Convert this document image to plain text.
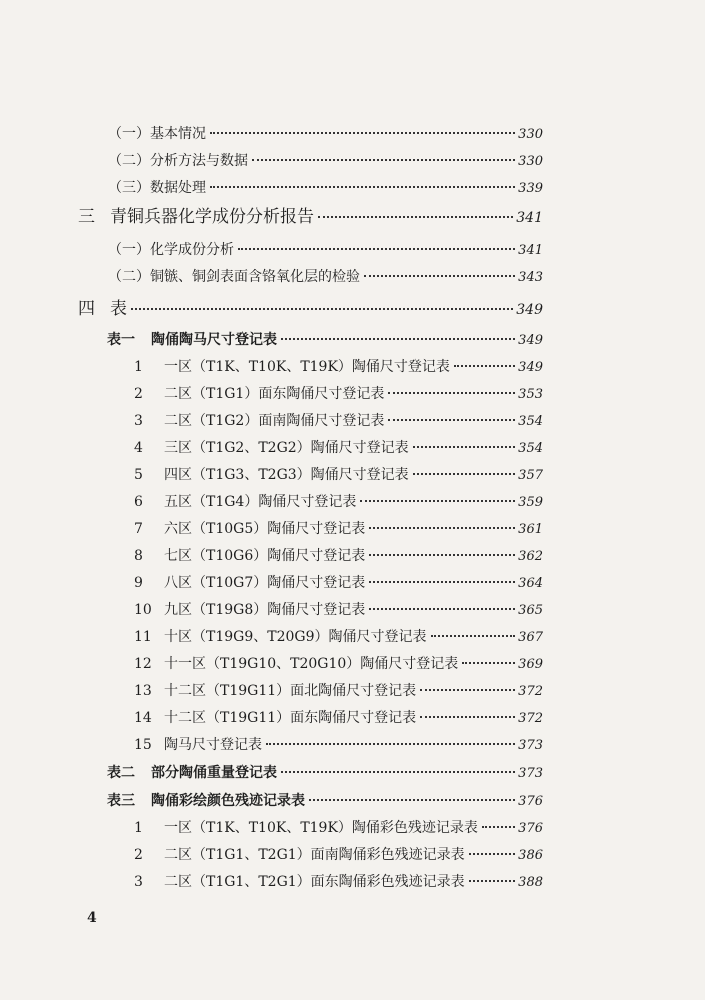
（一）基本情况	330
（二）分析方法与数据	330
（三）数据处理	339
三 青铜兵器化学成份分析报告	341
（一）化学成份分析	341
（二）铜镞、铜剑表面含铬氧化层的检验	343
四 表	349
表一 陶俑陶马尺寸登记表	349
1 一区（T1K、T10K、T19K）陶俑尺寸登记表	349
2 二区（T1G1）面东陶俑尺寸登记表	353
3 二区（T1G2）面南陶俑尺寸登记表	354
4 三区（T1G2、T2G2）陶俑尺寸登记表	354
5 四区（T1G3、T2G3）陶俑尺寸登记表	357
6 五区（T1G4）陶俑尺寸登记表	359
7 六区（T10G5）陶俑尺寸登记表	361
8 七区（T10G6）陶俑尺寸登记表	362
9 八区（T10G7）陶俑尺寸登记表	364
10 九区（T19G8）陶俑尺寸登记表	365
11 十区（T19G9、T20G9）陶俑尺寸登记表	367
12 十一区（T19G10、T20G10）陶俑尺寸登记表	369
13 十二区（T19G11）面北陶俑尺寸登记表	372
14 十二区（T19G11）面东陶俑尺寸登记表	372
15 陶马尺寸登记表	373
表二 部分陶俑重量登记表	373
表三 陶俑彩绘颜色残迹记录表	376
1 一区（T1K、T10K、T19K）陶俑彩色残迹记录表	376
2 二区（T1G1、T2G1）面南陶俑彩色残迹记录表	386
3 二区（T1G1、T2G1）面东陶俑彩色残迹记录表	388
4
